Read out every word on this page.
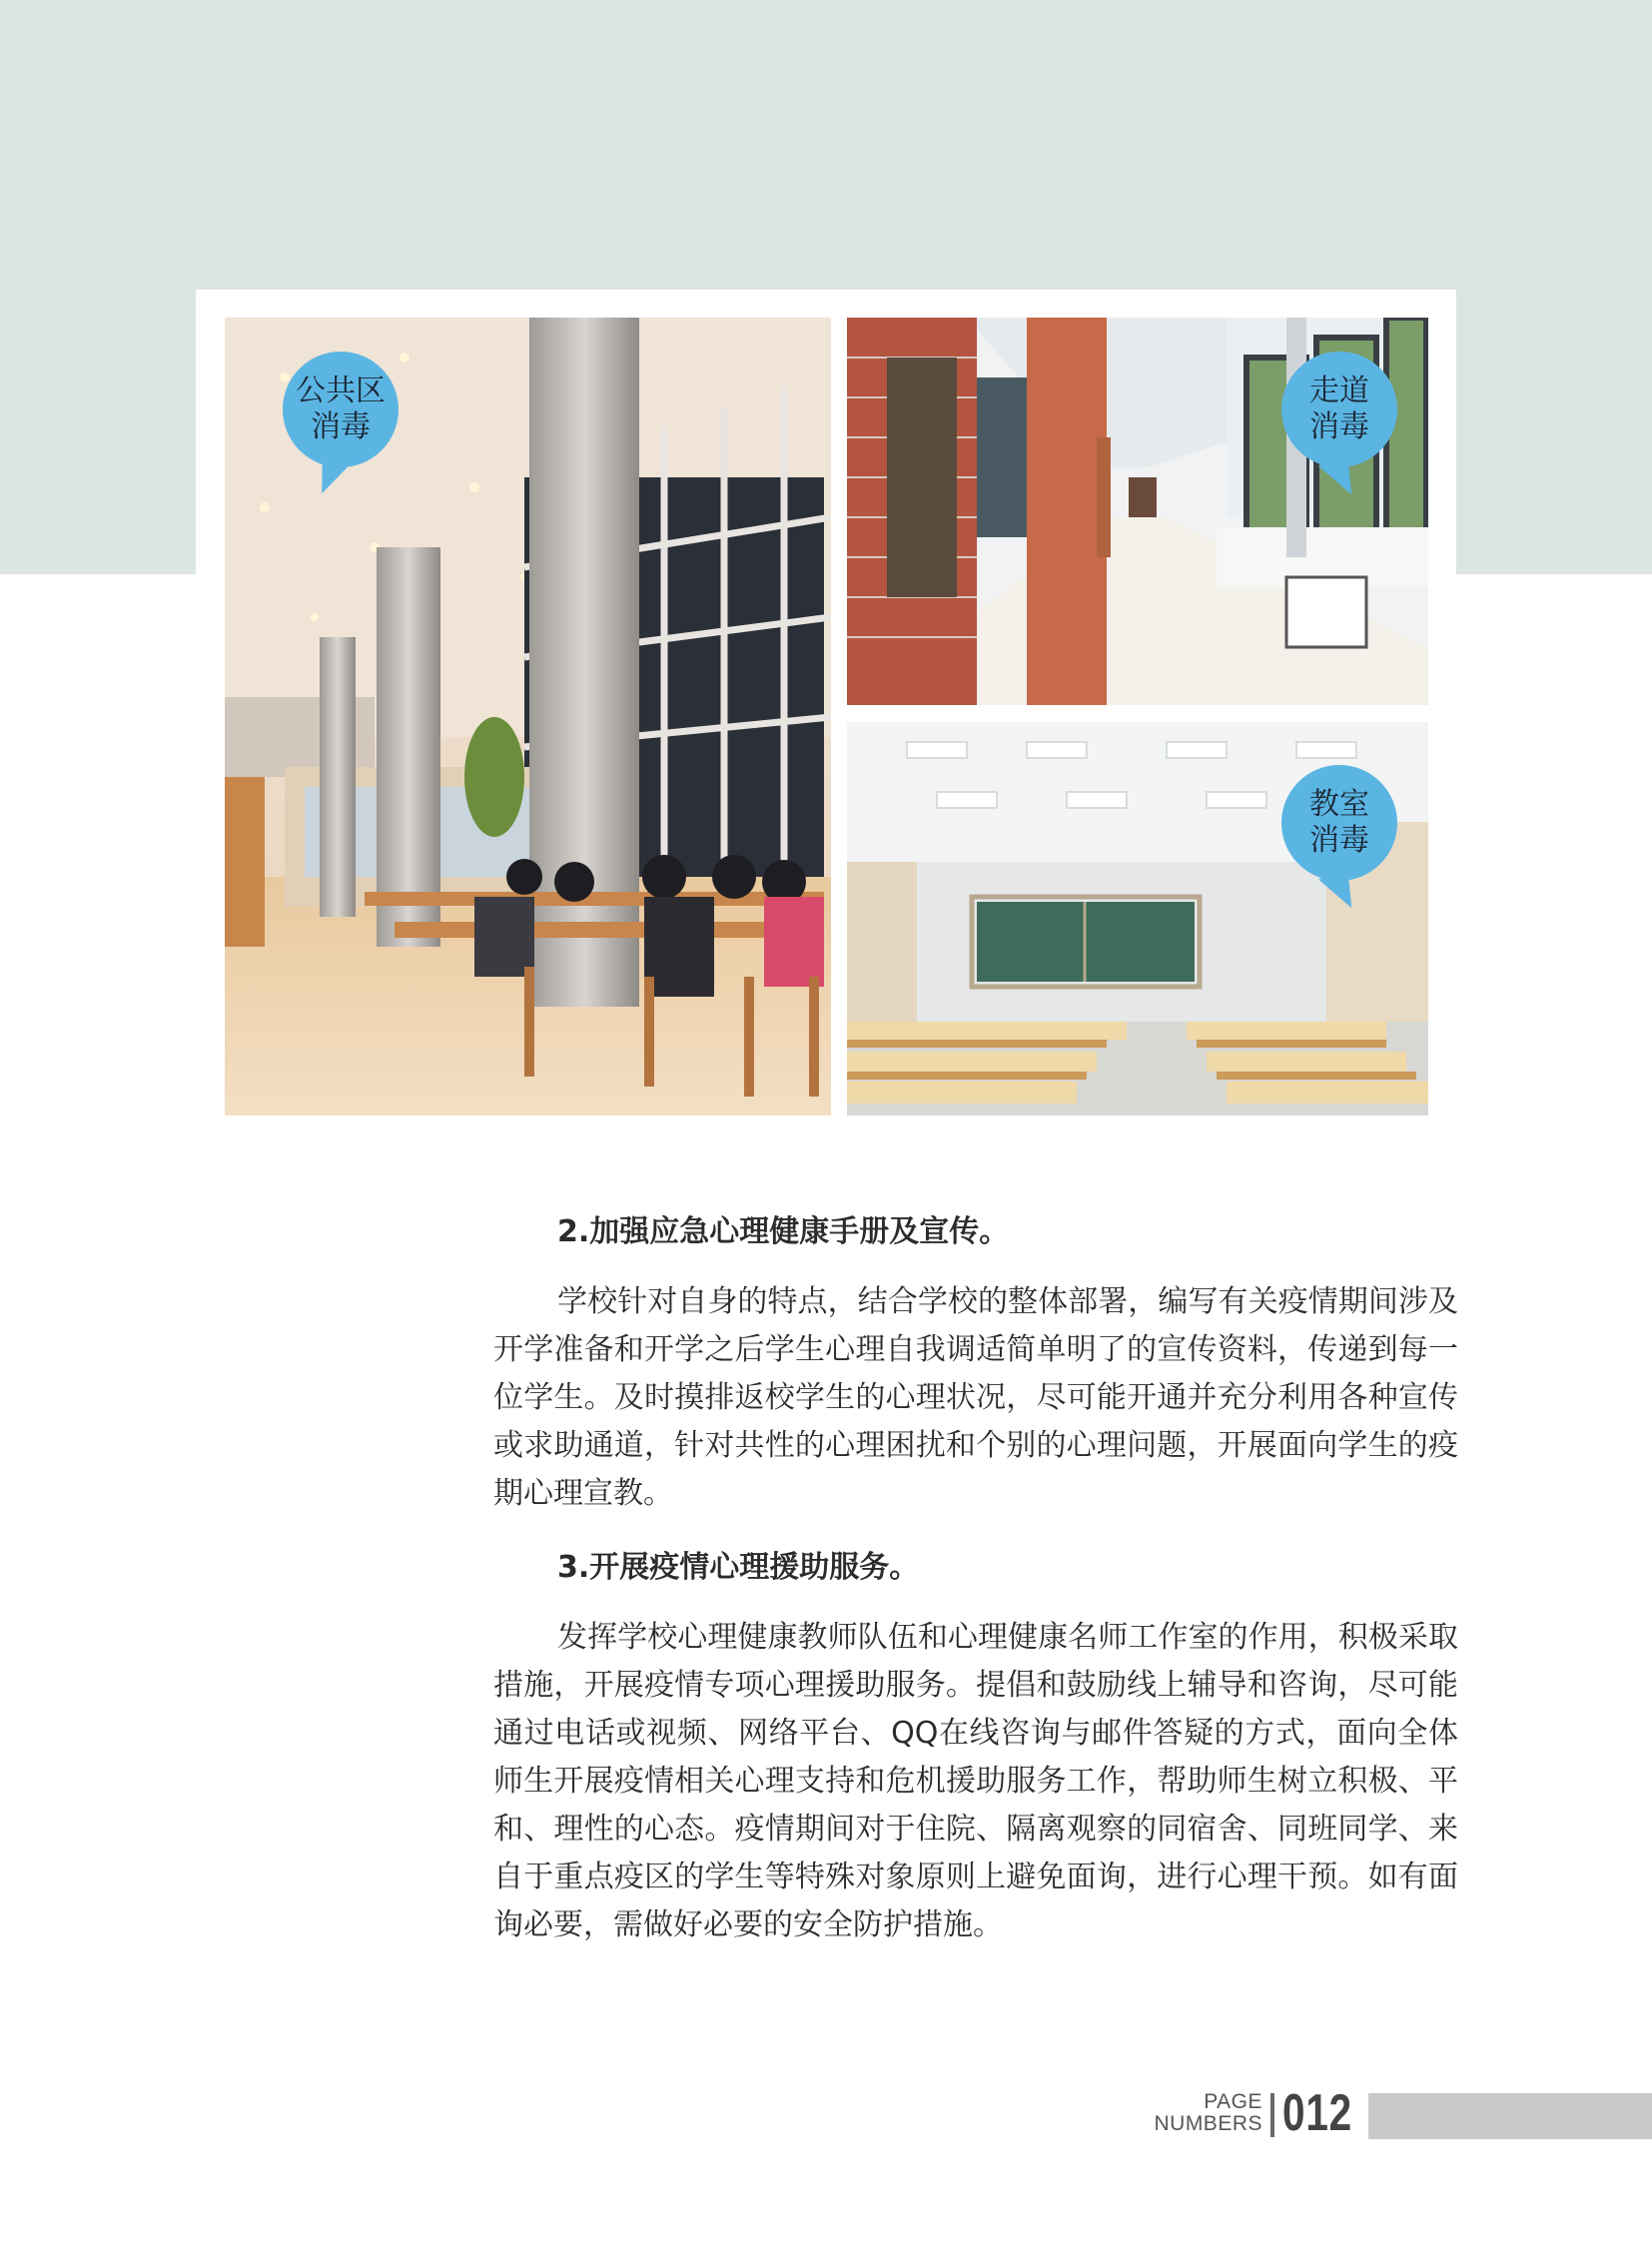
公共区
消毒
走道
消毒
教室
消毒

2.加强应急心理健康手册及宣传。

学校针对自身的特点，结合学校的整体部署，编写有关疫情期间涉及开学准备和开学之后学生心理自我调适简单明了的宣传资料，传递到每一位学生。及时摸排返校学生的心理状况，尽可能开通并充分利用各种宣传或求助通道，针对共性的心理困扰和个别的心理问题，开展面向学生的疫期心理宣教。

3.开展疫情心理援助服务。

发挥学校心理健康教师队伍和心理健康名师工作室的作用，积极采取措施，开展疫情专项心理援助服务。提倡和鼓励线上辅导和咨询，尽可能通过电话或视频、网络平台、QQ在线咨询与邮件答疑的方式，面向全体师生开展疫情相关心理支持和危机援助服务工作，帮助师生树立积极、平和、理性的心态。疫情期间对于住院、隔离观察的同宿舍、同班同学、来自于重点疫区的学生等特殊对象原则上避免面询，进行心理干预。如有面询必要，需做好必要的安全防护措施。

PAGE
NUMBERS 012
